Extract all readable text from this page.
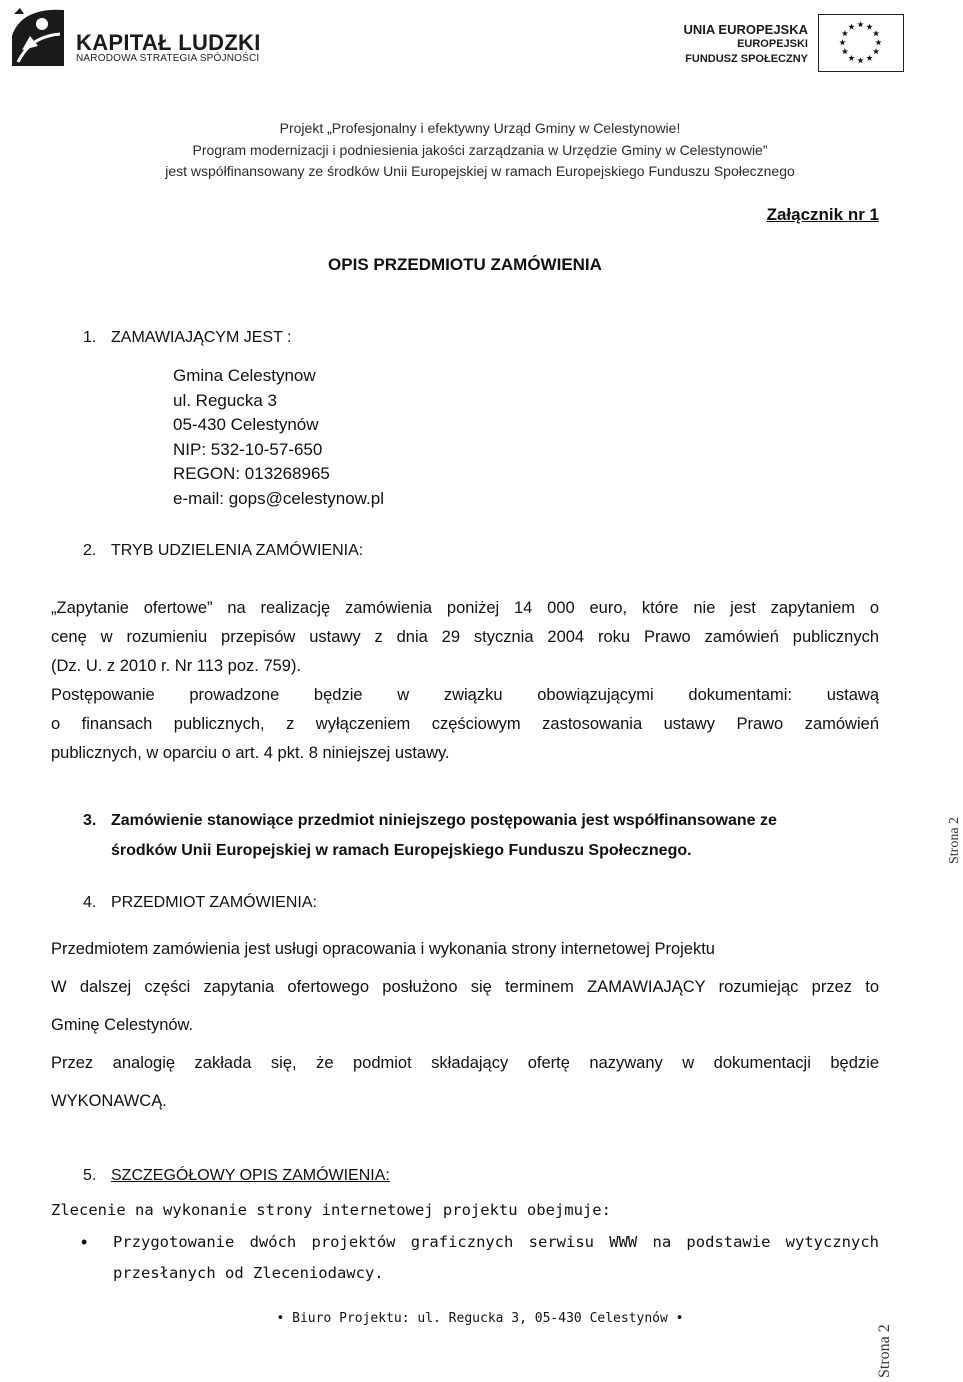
KAPITAŁ LUDZKI
NARODOWA STRATEGIA SPÓJNOŚCI
UNIA EUROPEJSKA
EUROPEJSKI
FUNDUSZ SPOŁECZNY
Projekt „Profesjonalny i efektywny Urząd Gminy w Celestynowie!
Program modernizacji i podniesienia jakości zarządzania w Urzędzie Gminy w Celestynowie”
jest współfinansowany ze środków Unii Europejskiej w ramach Europejskiego Funduszu Społecznego
Załącznik nr 1
OPIS PRZEDMIOTU ZAMÓWIENIA
1. ZAMAWIAJĄCYM JEST :
Gmina Celestynow
ul. Regucka 3
05-430 Celestynów
NIP: 532-10-57-650
REGON: 013268965
e-mail: gops@celestynow.pl
2. TRYB UDZIELENIA ZAMÓWIENIA:
„Zapytanie ofertowe” na realizację zamówienia poniżej 14 000 euro, które nie jest zapytaniem o
cenę w rozumieniu przepisów ustawy z dnia 29 stycznia 2004 roku Prawo zamówień publicznych
(Dz. U. z 2010 r. Nr 113 poz. 759).
Postępowanie prowadzone będzie w związku obowiązującymi dokumentami: ustawą
o finansach publicznych, z wyłączeniem częściowym zastosowania ustawy Prawo zamówień
publicznych, w oparciu o art. 4 pkt. 8 niniejszej ustawy.
3. Zamówienie stanowiące przedmiot niniejszego postępowania jest współfinansowane ze
środków Unii Europejskiej w ramach Europejskiego Funduszu Społecznego.	Strona 2
4. PRZEDMIOT ZAMÓWIENIA:
Przedmiotem zamówienia jest usługi opracowania i wykonania strony internetowej Projektu
W dalszej części zapytania ofertowego posłużono się terminem ZAMAWIAJĄCY rozumiejąc przez to
Gminę Celestynów.
Przez analogię zakłada się, że podmiot składający ofertę nazywany w dokumentacji będzie
WYKONAWCĄ.
5. SZCZEGÓŁOWY OPIS ZAMÓWIENIA:
Zlecenie na wykonanie strony internetowej projektu obejmuje:
• Przygotowanie dwóch projektów graficznych serwisu WWW na podstawie wytycznych
przesłanych od Zleceniodawcy.
• Biuro Projektu: ul. Regucka 3, 05-430 Celestynów •
Strona 2
